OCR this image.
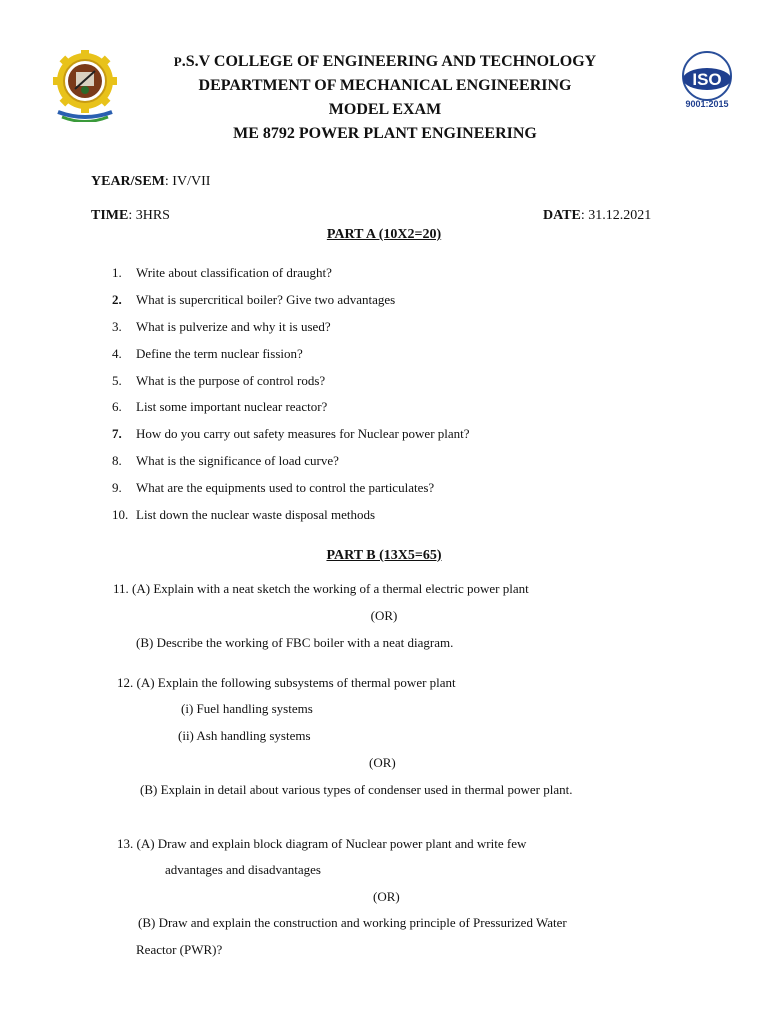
P.S.V COLLEGE OF ENGINEERING AND TECHNOLOGY
DEPARTMENT OF MECHANICAL ENGINEERING
MODEL EXAM
ME 8792 POWER PLANT ENGINEERING
ISO
9001:2015
YEAR/SEM: IV/VII
TIME: 3HRS	DATE: 31.12.2021
PART A (10X2=20)
1. Write about classification of draught?
2. What is supercritical boiler? Give two advantages
3. What is pulverize and why it is used?
4. Define the term nuclear fission?
5. What is the purpose of control rods?
6. List some important nuclear reactor?
7. How do you carry out safety measures for Nuclear power plant?
8. What is the significance of load curve?
9. What are the equipments used to control the particulates?
10. List down the nuclear waste disposal methods
PART B (13X5=65)
11. (A) Explain with a neat sketch the working of a thermal electric power plant
(OR)
(B) Describe the working of FBC boiler with a neat diagram.
12. (A) Explain the following subsystems of thermal power plant
(i) Fuel handling systems
(ii) Ash handling systems
(OR)
(B) Explain in detail about various types of condenser used in thermal power plant.
13. (A) Draw and explain block diagram of Nuclear power plant and write few
advantages and disadvantages
(OR)
(B) Draw and explain the construction and working principle of Pressurized Water
Reactor (PWR)?
